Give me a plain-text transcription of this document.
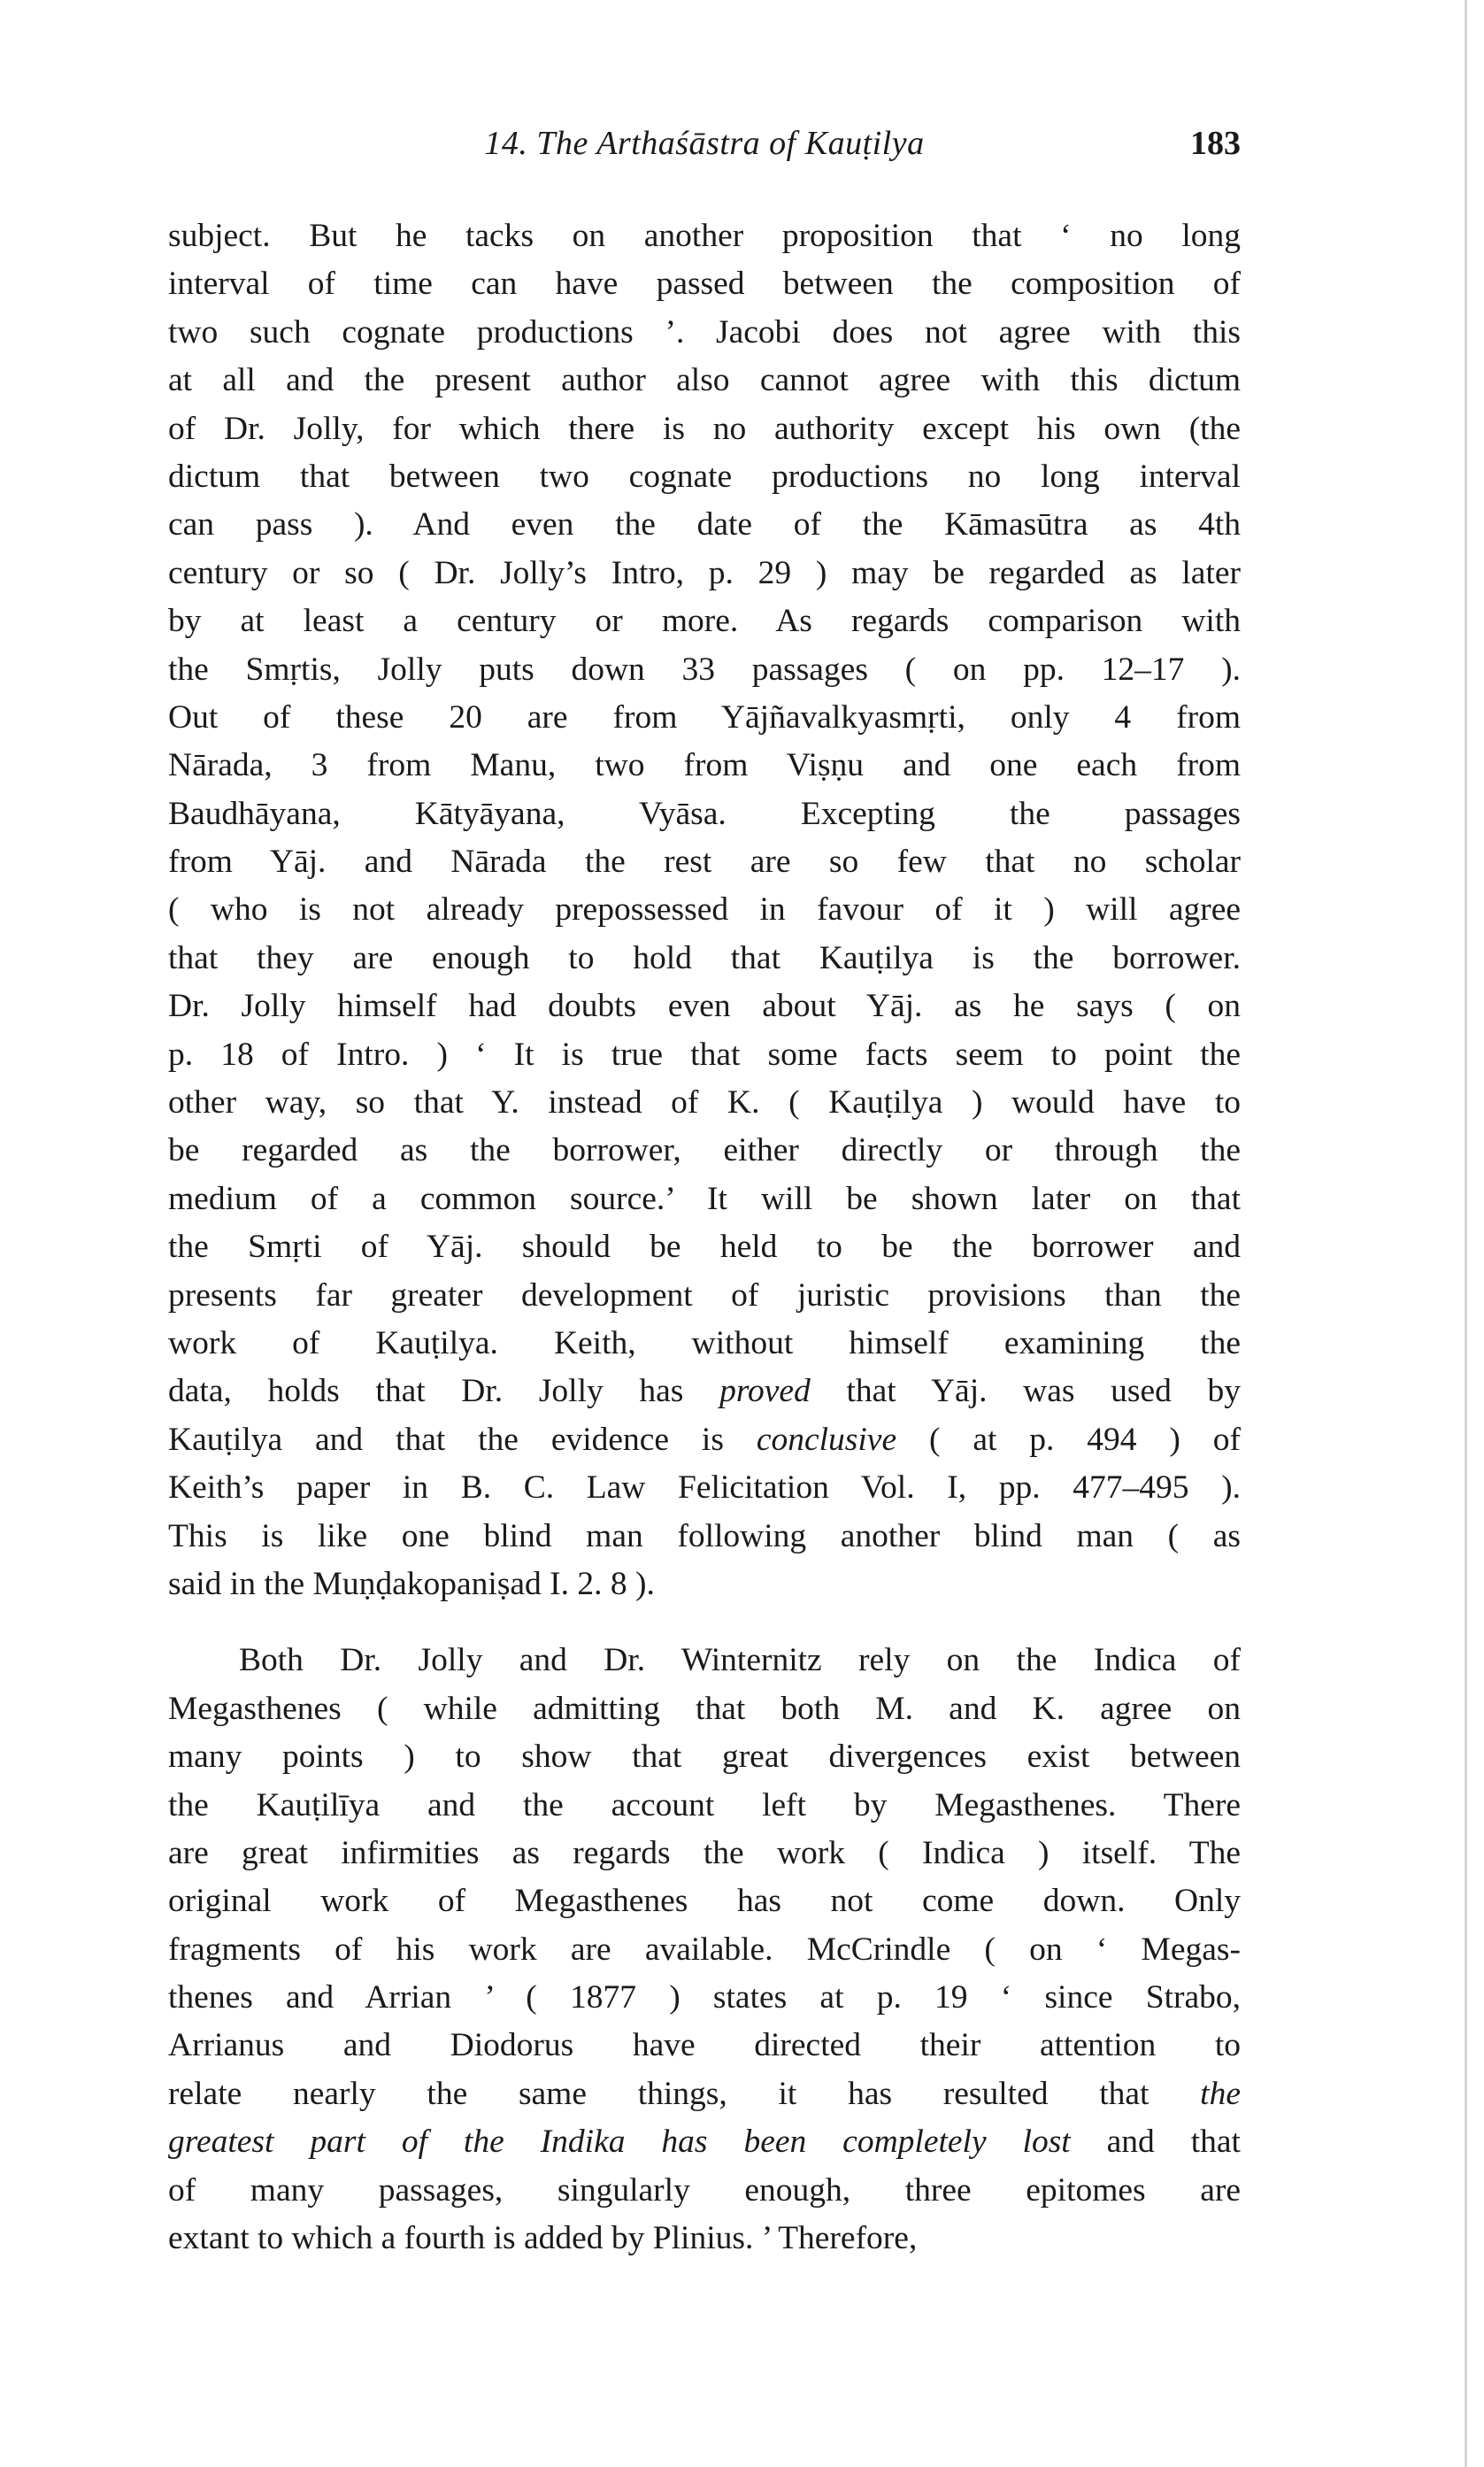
14. The Arthaśāstra of Kauṭilya	183
subject. But he tacks on another proposition that ‘ no long
interval of time can have passed between the composition of
two such cognate productions ’. Jacobi does not agree with this
at all and the present author also cannot agree with this dictum
of Dr. Jolly, for which there is no authority except his own (the
dictum that between two cognate productions no long interval
can pass ). And even the date of the Kāmasūtra as 4th
century or so ( Dr. Jolly’s Intro, p. 29 ) may be regarded as later
by at least a century or more. As regards comparison with
the Smṛtis, Jolly puts down 33 passages ( on pp. 12–17 ).
Out of these 20 are from Yājñavalkyasmṛti, only 4 from
Nārada, 3 from Manu, two from Viṣṇu and one each from
Baudhāyana, Kātyāyana, Vyāsa. Excepting the passages
from Yāj. and Nārada the rest are so few that no scholar
( who is not already prepossessed in favour of it ) will agree
that they are enough to hold that Kauṭilya is the borrower.
Dr. Jolly himself had doubts even about Yāj. as he says ( on
p. 18 of Intro. ) ‘ It is true that some facts seem to point the
other way, so that Y. instead of K. ( Kauṭilya ) would have to
be regarded as the borrower, either directly or through the
medium of a common source.’ It will be shown later on that
the Smṛti of Yāj. should be held to be the borrower and
presents far greater development of juristic provisions than the
work of Kauṭilya. Keith, without himself examining the
data, holds that Dr. Jolly has proved that Yāj. was used by
Kauṭilya and that the evidence is conclusive ( at p. 494 ) of
Keith’s paper in B. C. Law Felicitation Vol. I, pp. 477–495 ).
This is like one blind man following another blind man ( as
said in the Muṇḍakopaniṣad I. 2. 8 ).
Both Dr. Jolly and Dr. Winternitz rely on the Indica of
Megasthenes ( while admitting that both M. and K. agree on
many points ) to show that great divergences exist between
the Kauṭilīya and the account left by Megasthenes. There
are great infirmities as regards the work ( Indica ) itself. The
original work of Megasthenes has not come down. Only
fragments of his work are available. McCrindle ( on ‘ Megas-
thenes and Arrian ’ ( 1877 ) states at p. 19 ‘ since Strabo,
Arrianus and Diodorus have directed their attention to
relate nearly the same things, it has resulted that the
greatest part of the Indika has been completely lost and that
of many passages, singularly enough, three epitomes are
extant to which a fourth is added by Plinius. ’ Therefore,
